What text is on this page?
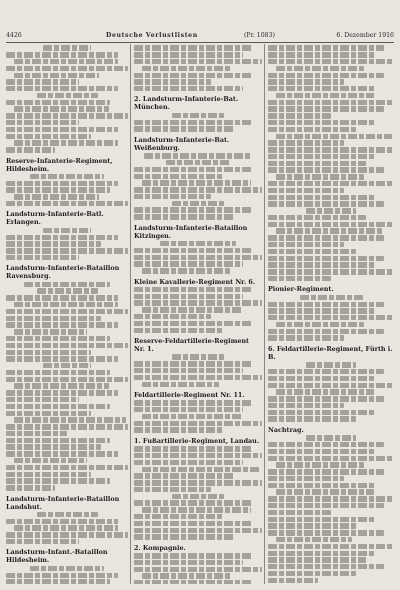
4426	Deutsche Verlustlisten	(Pr. 1083)	6. Dezember 1916
Reserve-Infanterie-Regiment, Hildesheim.
Landsturm-Infanterie-Batl. Erlangen.
Landsturm-Infanterie-Bataillon Ravensburg.
Landsturm-Infanterie-Bataillon Landshut.
Landsturm-Infant.-Bataillon Hildesheim.
2. Landsturm-Infanterie-Bat. München.
Landsturm-Infanterie-Bat. Weißenburg.
Landsturm-Infanterie-Bataillon Kitzingen.
Kleine Kavallerie-Regiment Nr. 6.
Reserve-Feldartillerie-Regiment Nr. 1.
Feldartillerie-Regiment Nr. 11.
1. Fußartillerie-Regiment, Landau.
2. Kompagnie.
Pionier-Regiment.
6. Feldartillerie-Regiment, Fürth i. B.
Nachtrag.
